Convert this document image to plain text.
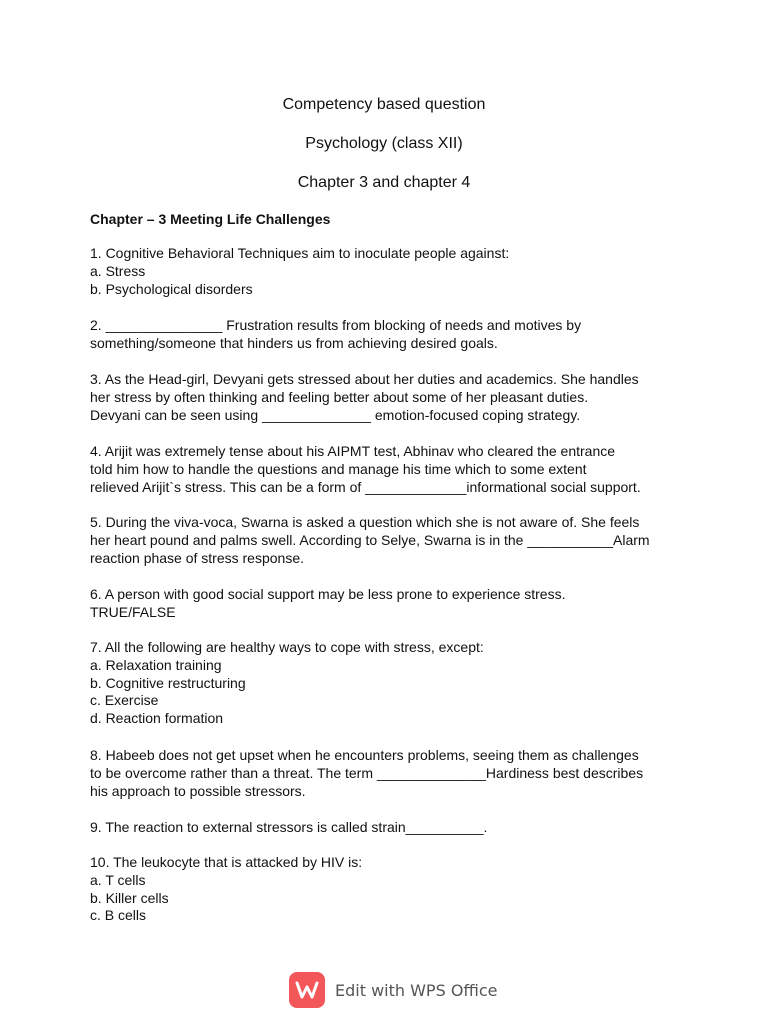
Competency based question
Psychology (class XII)
Chapter 3 and chapter 4
Chapter – 3 Meeting Life Challenges
1. Cognitive Behavioral Techniques aim to inoculate people against:
a. Stress
b. Psychological disorders
2. _______________ Frustration results from blocking of needs and motives by
something/someone that hinders us from achieving desired goals.
3. As the Head-girl, Devyani gets stressed about her duties and academics. She handles
her stress by often thinking and feeling better about some of her pleasant duties.
Devyani can be seen using ______________ emotion-focused coping strategy.
4. Arijit was extremely tense about his AIPMT test, Abhinav who cleared the entrance
told him how to handle the questions and manage his time which to some extent
relieved Arijit`s stress. This can be a form of _____________informational social support.
5. During the viva-voca, Swarna is asked a question which she is not aware of. She feels
her heart pound and palms swell. According to Selye, Swarna is in the ___________Alarm
reaction phase of stress response.
6. A person with good social support may be less prone to experience stress.
TRUE/FALSE
7. All the following are healthy ways to cope with stress, except:
a. Relaxation training
b. Cognitive restructuring
c. Exercise
d. Reaction formation
8. Habeeb does not get upset when he encounters problems, seeing them as challenges
to be overcome rather than a threat. The term ______________Hardiness best describes
his approach to possible stressors.
9. The reaction to external stressors is called strain__________.
10. The leukocyte that is attacked by HIV is:
a. T cells
b. Killer cells
c. B cells
Edit with WPS Office
